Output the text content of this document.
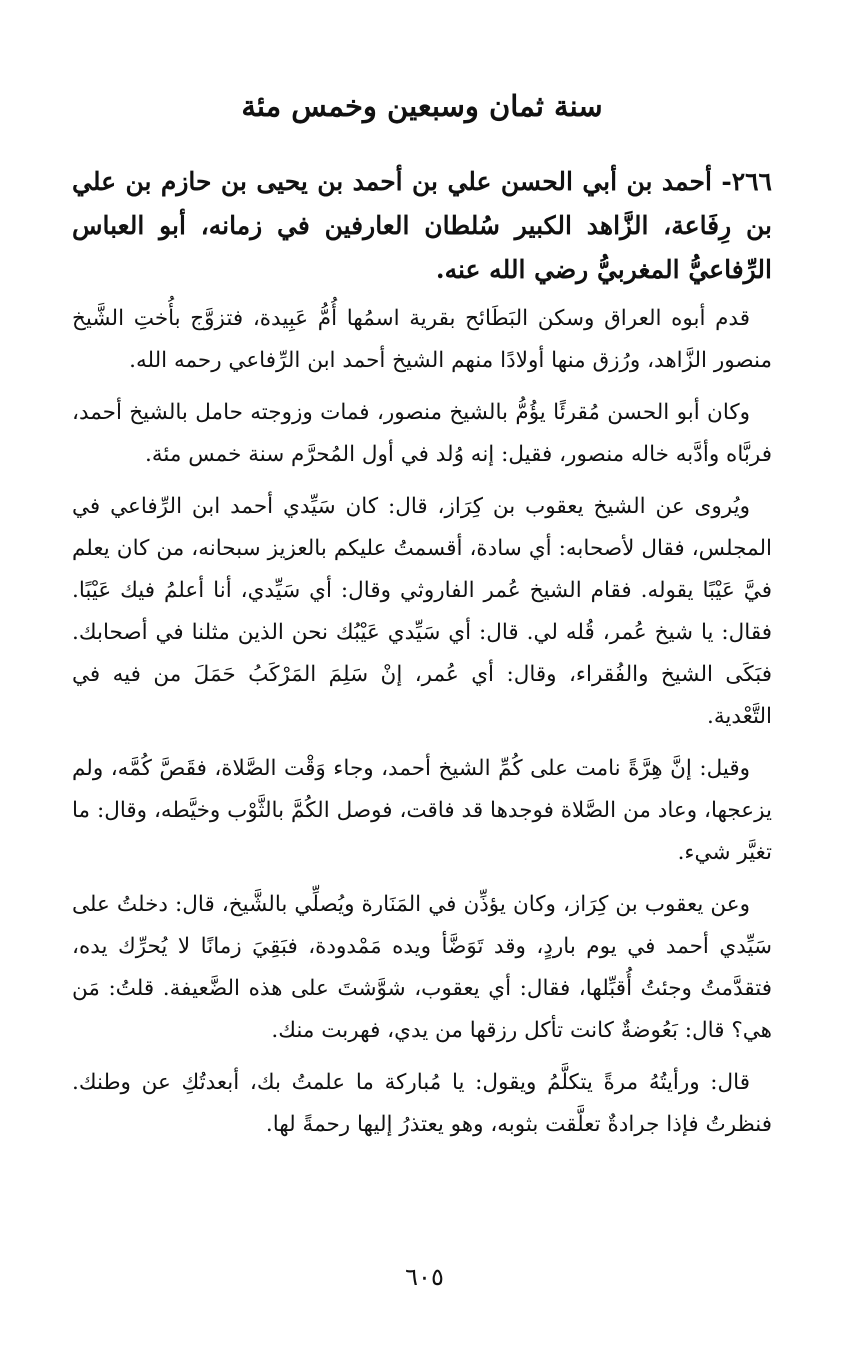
سنة ثمان وسبعين وخمس مئة
٢٦٦- أحمد بن أبي الحسن علي بن أحمد بن يحيى بن حازم بن علي بن رِفَاعة، الزَّاهد الكبير سُلطان العارفين في زمانه، أبو العباس الرِّفاعيُّ المغربيُّ رضي الله عنه.

قدم أبوه العراق وسكن البَطَائح بقرية اسمُها أُمُّ عَبِيدة، فتزوَّج بأُختِ الشَّيخ منصور الزَّاهد، ورُزق منها أولادًا منهم الشيخ أحمد ابن الرِّفاعي رحمه الله.

وكان أبو الحسن مُقرئًا يؤُمُّ بالشيخ منصور، فمات وزوجته حامل بالشيخ أحمد، فربَّاه وأدَّبه خاله منصور، فقيل: إنه وُلد في أول المُحرَّم سنة خمس مئة.

ويُروى عن الشيخ يعقوب بن كِرَاز، قال: كان سَيِّدي أحمد ابن الرِّفاعي في المجلس، فقال لأصحابه: أي سادة، أقسمتُ عليكم بالعزيز سبحانه، من كان يعلم فيَّ عَيْبًا يقوله. فقام الشيخ عُمر الفاروثي وقال: أي سَيِّدي، أنا أعلمُ فيك عَيْبًا. فقال: يا شيخ عُمر، قُله لي. قال: أي سَيِّدي عَيْبُك نحن الذين مثلنا في أصحابك. فبَكَى الشيخ والفُقراء، وقال: أي عُمر، إنْ سَلِمَ المَرْكَبُ حَمَلَ من فيه في التَّعْدية.

وقيل: إنَّ هِرَّةً نامت على كُمِّ الشيخ أحمد، وجاء وَقْت الصَّلاة، فقَصَّ كُمَّه، ولم يزعجها، وعاد من الصَّلاة فوجدها قد فاقت، فوصل الكُمَّ بالثَّوْب وخيَّطه، وقال: ما تغيَّر شيء.

وعن يعقوب بن كِرَاز، وكان يؤذِّن في المَنَارة ويُصلِّي بالشَّيخ، قال: دخلتُ على سَيِّدي أحمد في يوم باردٍ، وقد تَوَضَّأ ويده مَمْدودة، فبَقِيَ زمانًا لا يُحرِّك يده، فتقدَّمتُ وجئتُ أُقبِّلها، فقال: أي يعقوب، شوَّشتَ على هذه الضَّعيفة. قلتُ: مَن هي؟ قال: بَعُوضةٌ كانت تأكل رزقها من يدي، فهربت منك.

قال: ورأيتُهُ مرةً يتكلَّمُ ويقول: يا مُباركة ما علمتُ بك، أبعدتُكِ عن وطنك. فنظرتُ فإذا جرادةٌ تعلَّقت بثوبه، وهو يعتذرُ إليها رحمةً لها.

٦٠٥
